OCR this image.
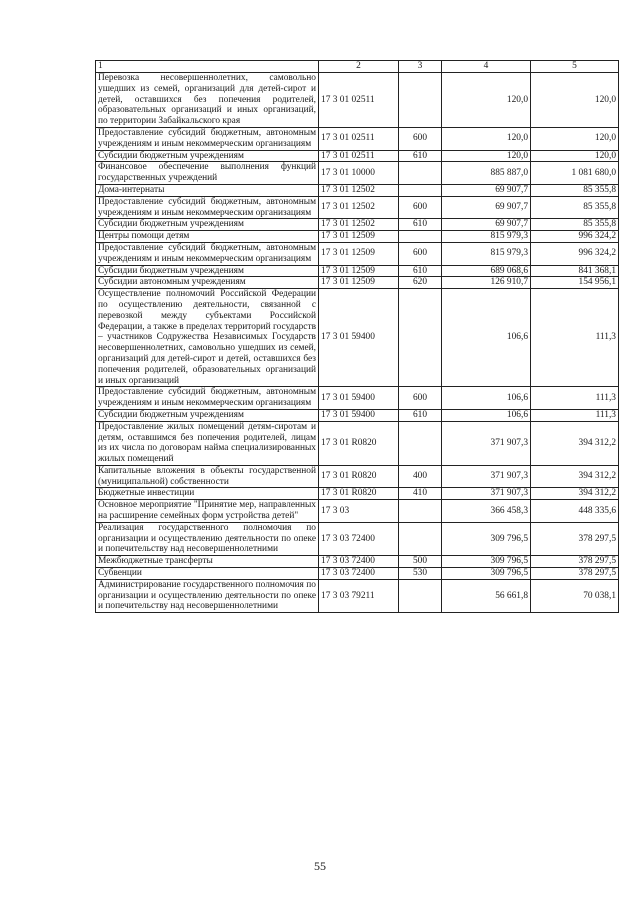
1	2	3	4	5
Перевозка несовершеннолетних, самовольно ушедших из семей, организаций для детей-сирот и детей, оставшихся без попечения родителей, образовательных организаций и иных организаций, по территории Забайкальского края	17 3 01 02511		120,0	120,0
Предоставление субсидий бюджетным, автономным учреждениям и иным некоммерческим организациям	17 3 01 02511	600	120,0	120,0
Субсидии бюджетным учреждениям	17 3 01 02511	610	120,0	120,0
Финансовое обеспечение выполнения функций государственных учреждений	17 3 01 10000		885 887,0	1 081 680,0
Дома-интернаты	17 3 01 12502		69 907,7	85 355,8
Предоставление субсидий бюджетным, автономным учреждениям и иным некоммерческим организациям	17 3 01 12502	600	69 907,7	85 355,8
Субсидии бюджетным учреждениям	17 3 01 12502	610	69 907,7	85 355,8
Центры помощи детям	17 3 01 12509		815 979,3	996 324,2
Предоставление субсидий бюджетным, автономным учреждениям и иным некоммерческим организациям	17 3 01 12509	600	815 979,3	996 324,2
Субсидии бюджетным учреждениям	17 3 01 12509	610	689 068,6	841 368,1
Субсидии автономным учреждениям	17 3 01 12509	620	126 910,7	154 956,1
Осуществление полномочий Российской Федерации по осуществлению деятельности, связанной с перевозкой между субъектами Российской Федерации, а также в пределах территорий государств – участников Содружества Независимых Государств несовершеннолетних, самовольно ушедших из семей, организаций для детей-сирот и детей, оставшихся без попечения родителей, образовательных организаций и иных организаций	17 3 01 59400		106,6	111,3
Предоставление субсидий бюджетным, автономным учреждениям и иным некоммерческим организациям	17 3 01 59400	600	106,6	111,3
Субсидии бюджетным учреждениям	17 3 01 59400	610	106,6	111,3
Предоставление жилых помещений детям-сиротам и детям, оставшимся без попечения родителей, лицам из их числа по договорам найма специализированных жилых помещений	17 3 01 R0820		371 907,3	394 312,2
Капитальные вложения в объекты государственной (муниципальной) собственности	17 3 01 R0820	400	371 907,3	394 312,2
Бюджетные инвестиции	17 3 01 R0820	410	371 907,3	394 312,2
Основное мероприятие "Принятие мер, направленных на расширение семейных форм устройства детей"	17 3 03		366 458,3	448 335,6
Реализация государственного полномочия по организации и осуществлению деятельности по опеке и попечительству над несовершеннолетними	17 3 03 72400		309 796,5	378 297,5
Межбюджетные трансферты	17 3 03 72400	500	309 796,5	378 297,5
Субвенции	17 3 03 72400	530	309 796,5	378 297,5
Администрирование государственного полномочия по организации и осуществлению деятельности по опеке и попечительству над несовершеннолетними	17 3 03 79211		56 661,8	70 038,1
55
